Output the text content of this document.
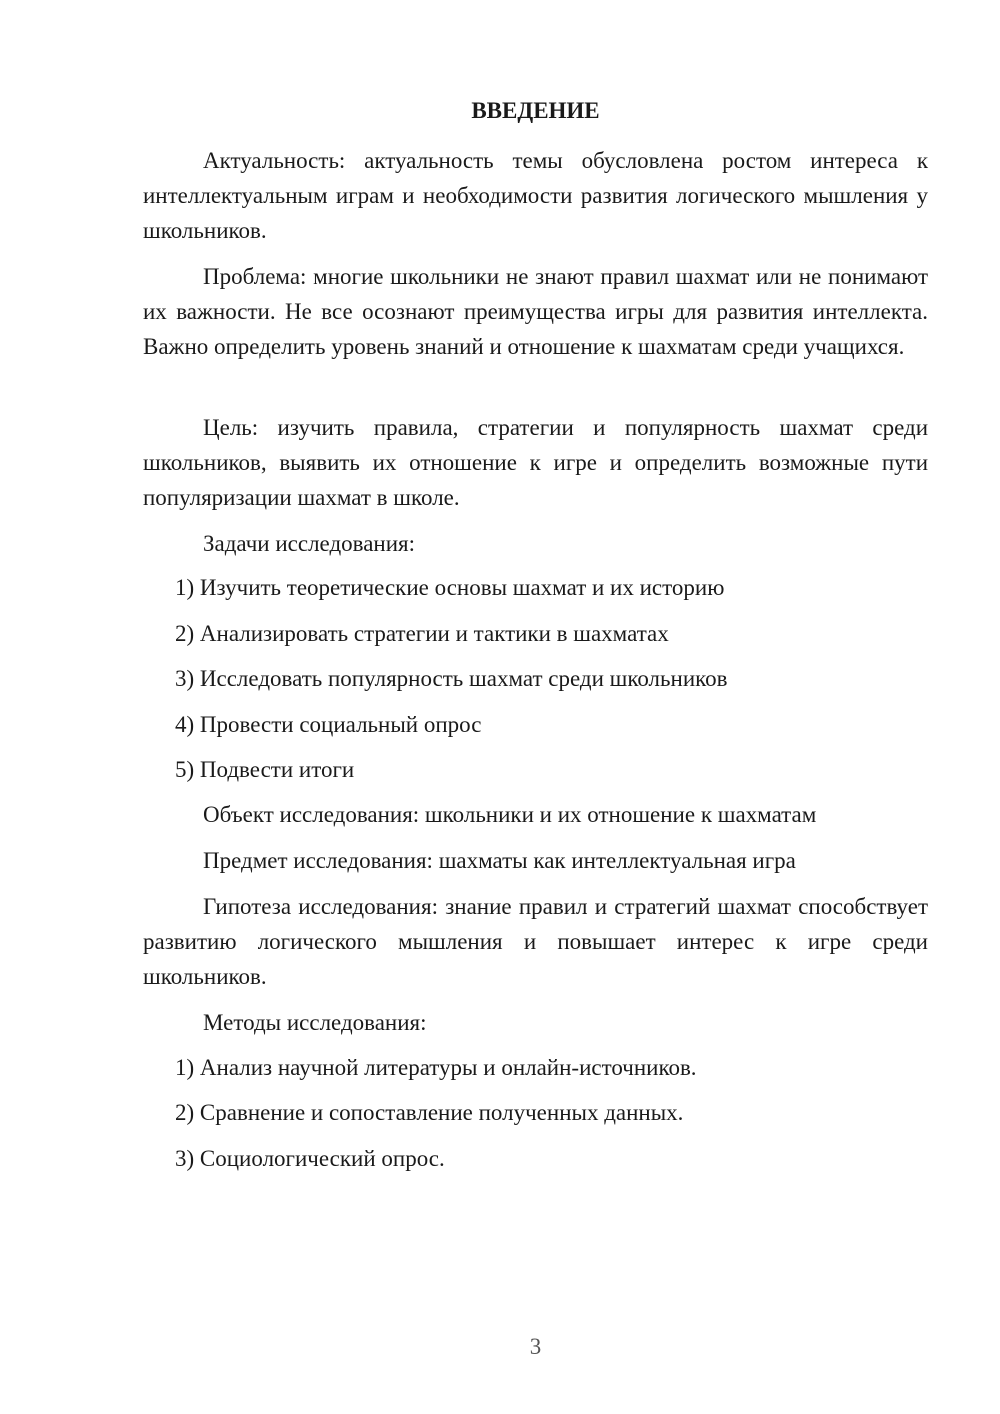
ВВЕДЕНИЕ

Актуальность: актуальность темы обусловлена ростом интереса к интеллектуальным играм и необходимости развития логического мышления у школьников.

Проблема: многие школьники не знают правил шахмат или не понимают их важности. Не все осознают преимущества игры для развития интеллекта. Важно определить уровень знаний и отношение к шахматам среди учащихся.

Цель: изучить правила, стратегии и популярность шахмат среди школьников, выявить их отношение к игре и определить возможные пути популяризации шахмат в школе.

Задачи исследования:

1) Изучить теоретические основы шахмат и их историю

2) Анализировать стратегии и тактики в шахматах

3) Исследовать популярность шахмат среди школьников

4) Провести социальный опрос

5) Подвести итоги

Объект исследования: школьники и их отношение к шахматам

Предмет исследования: шахматы как интеллектуальная игра

Гипотеза исследования: знание правил и стратегий шахмат способствует развитию логического мышления и повышает интерес к игре среди школьников.

Методы исследования:

1) Анализ научной литературы и онлайн-источников.

2) Сравнение и сопоставление полученных данных.

3) Социологический опрос.

3
